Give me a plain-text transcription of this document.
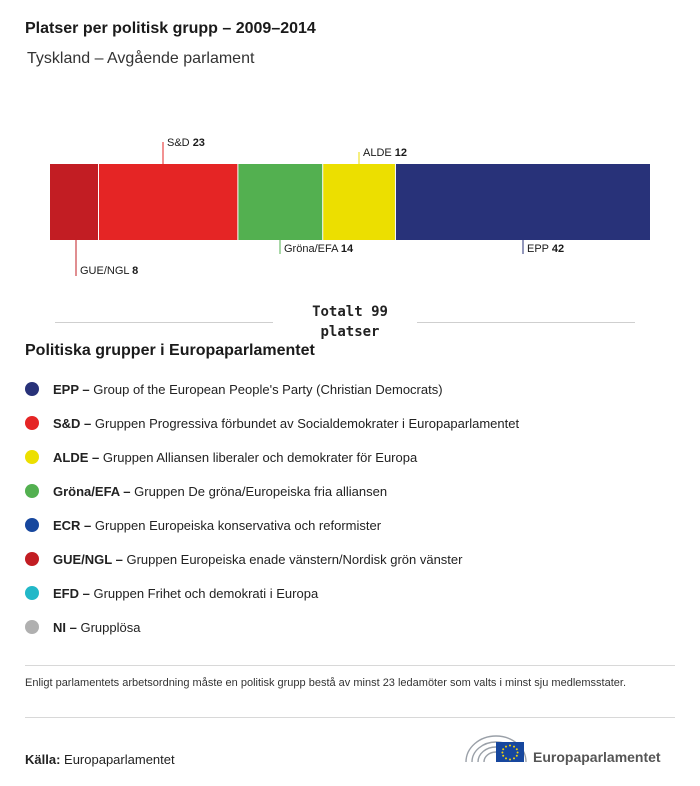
Platser per politisk grupp – 2009–2014
Tyskland – Avgående parlament
GUE/NGL 8
S&D 23
Gröna/EFA 14
ALDE 12
EPP 42
Totalt 99
platser
Politiska grupper i Europaparlamentet
EPP – Group of the European People's Party (Christian Democrats)
S&D – Gruppen Progressiva förbundet av Socialdemokrater i Europaparlamentet
ALDE – Gruppen Alliansen liberaler och demokrater för Europa
Gröna/EFA – Gruppen De gröna/Europeiska fria alliansen
ECR – Gruppen Europeiska konservativa och reformister
GUE/NGL – Gruppen Europeiska enade vänstern/Nordisk grön vänster
EFD – Gruppen Frihet och demokrati i Europa
NI – Grupplösa
Enligt parlamentets arbetsordning måste en politisk grupp bestå av minst 23 ledamöter som valts i minst sju medlemsstater.
Källa: Europaparlamentet	Europaparlamentet
